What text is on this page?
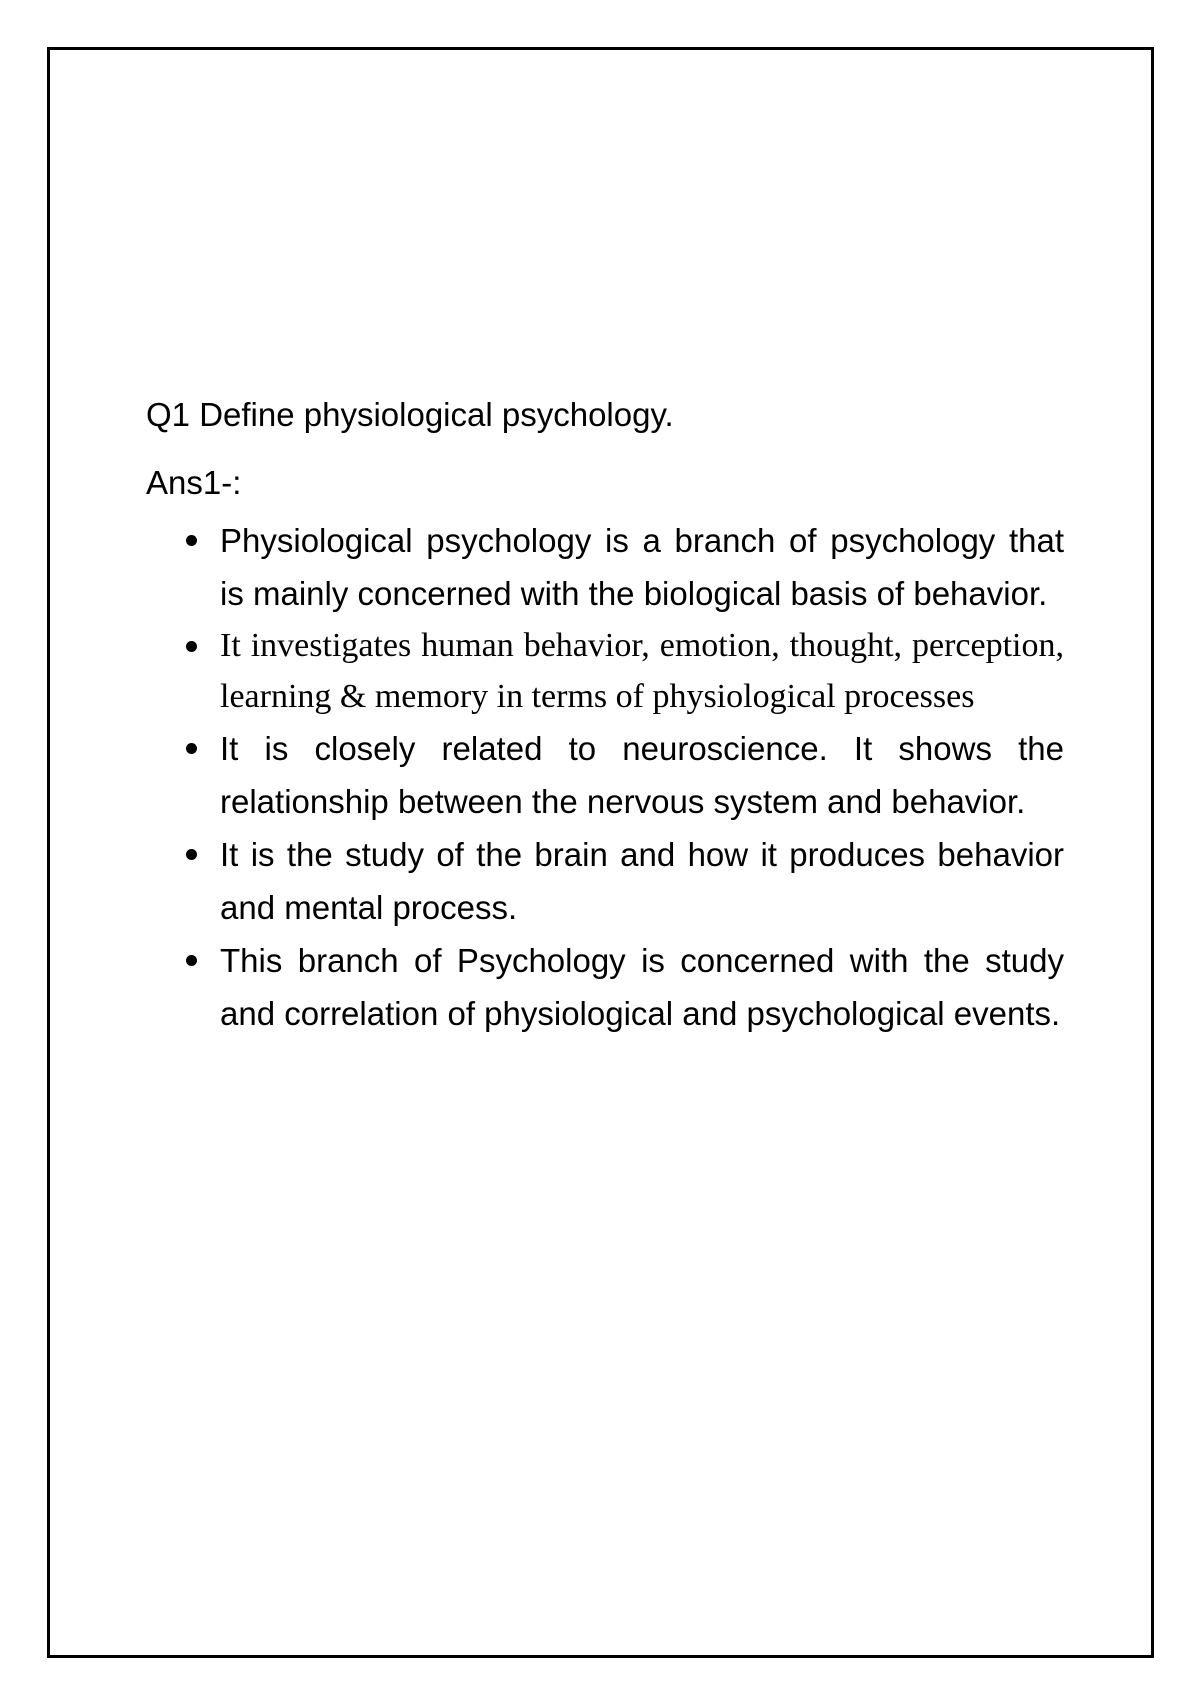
Q1 Define physiological psychology.

Ans1-:

Physiological psychology is a branch of psychology that is mainly concerned with the biological basis of behavior.
It investigates human behavior, emotion, thought, perception, learning & memory in terms of physiological processes
It is closely related to neuroscience. It shows the relationship between the nervous system and behavior.
It is the study of the brain and how it produces behavior and mental process.
This branch of Psychology is concerned with the study and correlation of physiological and psychological events.
